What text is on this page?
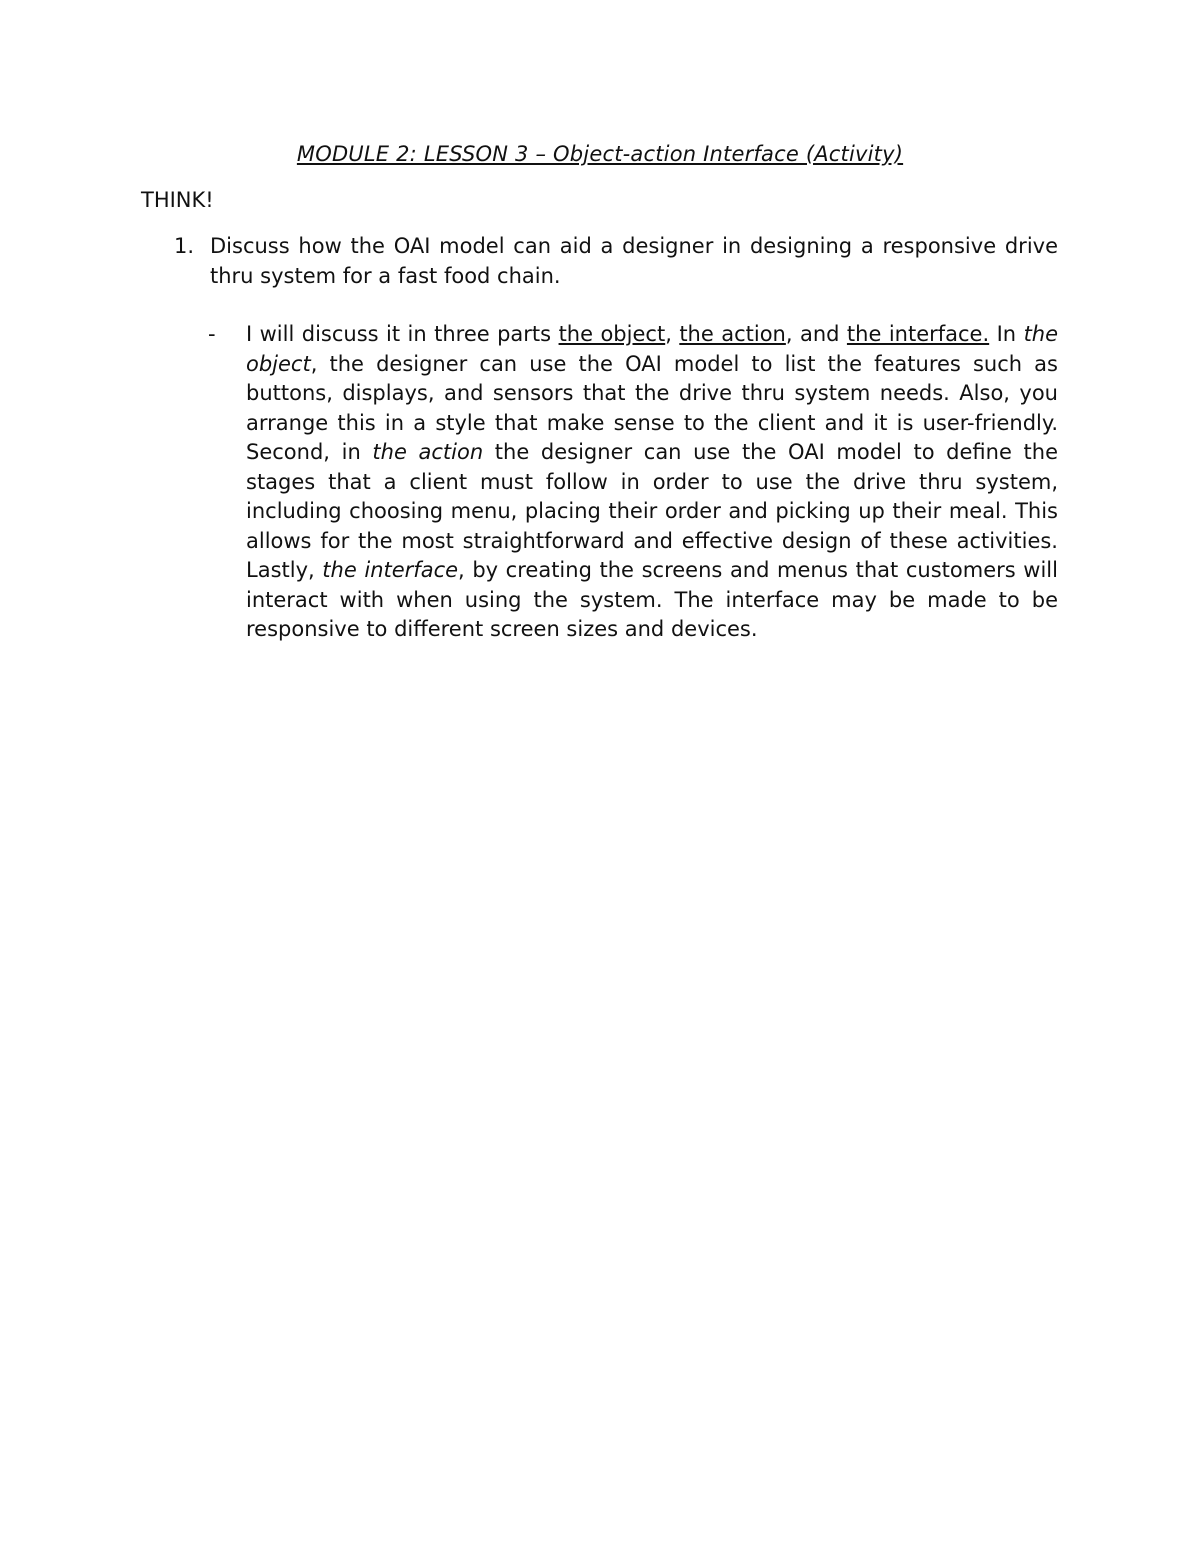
MODULE 2: LESSON 3 – Object-action Interface (Activity)
THINK!
1. Discuss how the OAI model can aid a designer in designing a responsive drive thru system for a fast food chain.
- I will discuss it in three parts the object, the action, and the interface. In the object, the designer can use the OAI model to list the features such as buttons, displays, and sensors that the drive thru system needs. Also, you arrange this in a style that make sense to the client and it is user-friendly. Second, in the action the designer can use the OAI model to define the stages that a client must follow in order to use the drive thru system, including choosing menu, placing their order and picking up their meal. This allows for the most straightforward and effective design of these activities. Lastly, the interface, by creating the screens and menus that customers will interact with when using the system. The interface may be made to be responsive to different screen sizes and devices.
